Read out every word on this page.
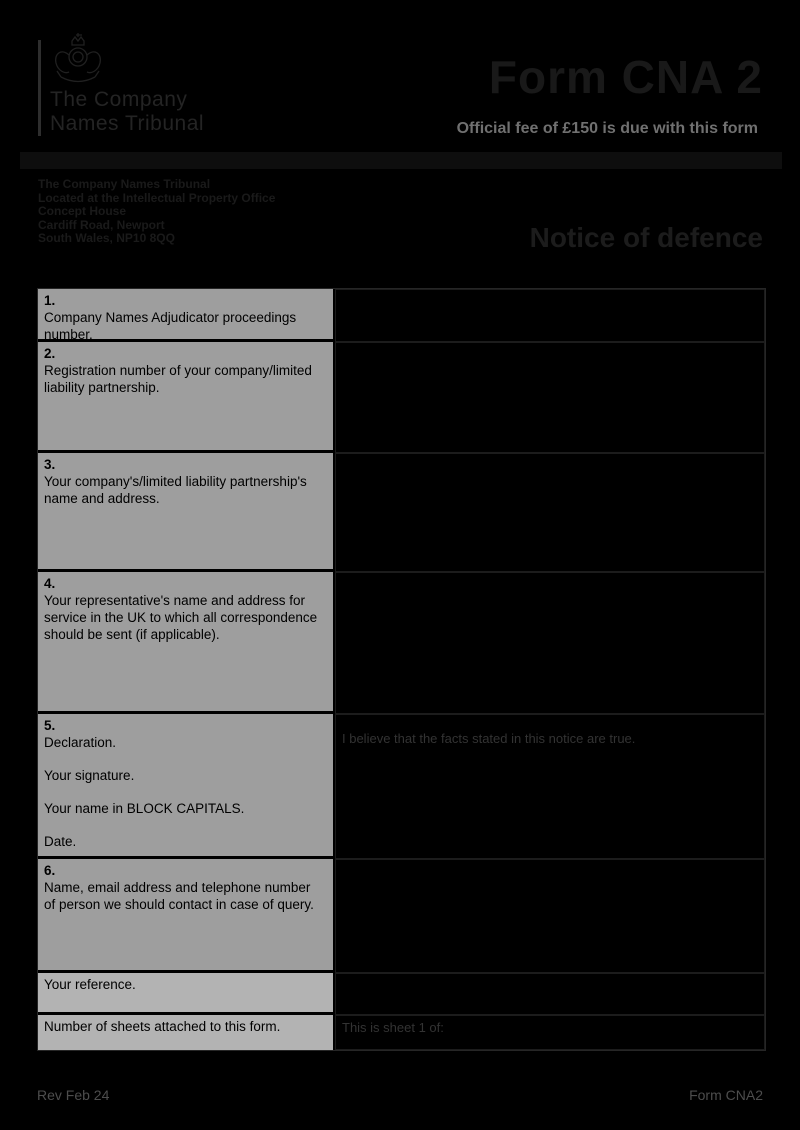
The Company
Names Tribunal
Form CNA 2
Official fee of £150 is due with this form
The Company Names Tribunal
Located at the Intellectual Property Office
Concept House
Cardiff Road, Newport
South Wales, NP10 8QQ	Notice of defence
1.
Company Names Adjudicator proceedings number.
2.
Registration number of your company/limited liability partnership.
3.
Your company's/limited liability partnership's name and address.
4.
Your representative's name and address for service in the UK to which all correspondence should be sent (if applicable).
5.
Declaration.
Your signature.
Your name in BLOCK CAPITALS.
Date.
I believe that the facts stated in this notice are true.
6.
Name, email address and telephone number of person we should contact in case of query.
Your reference.
Number of sheets attached to this form.	This is sheet 1 of:
Rev Feb 24	Form CNA2
